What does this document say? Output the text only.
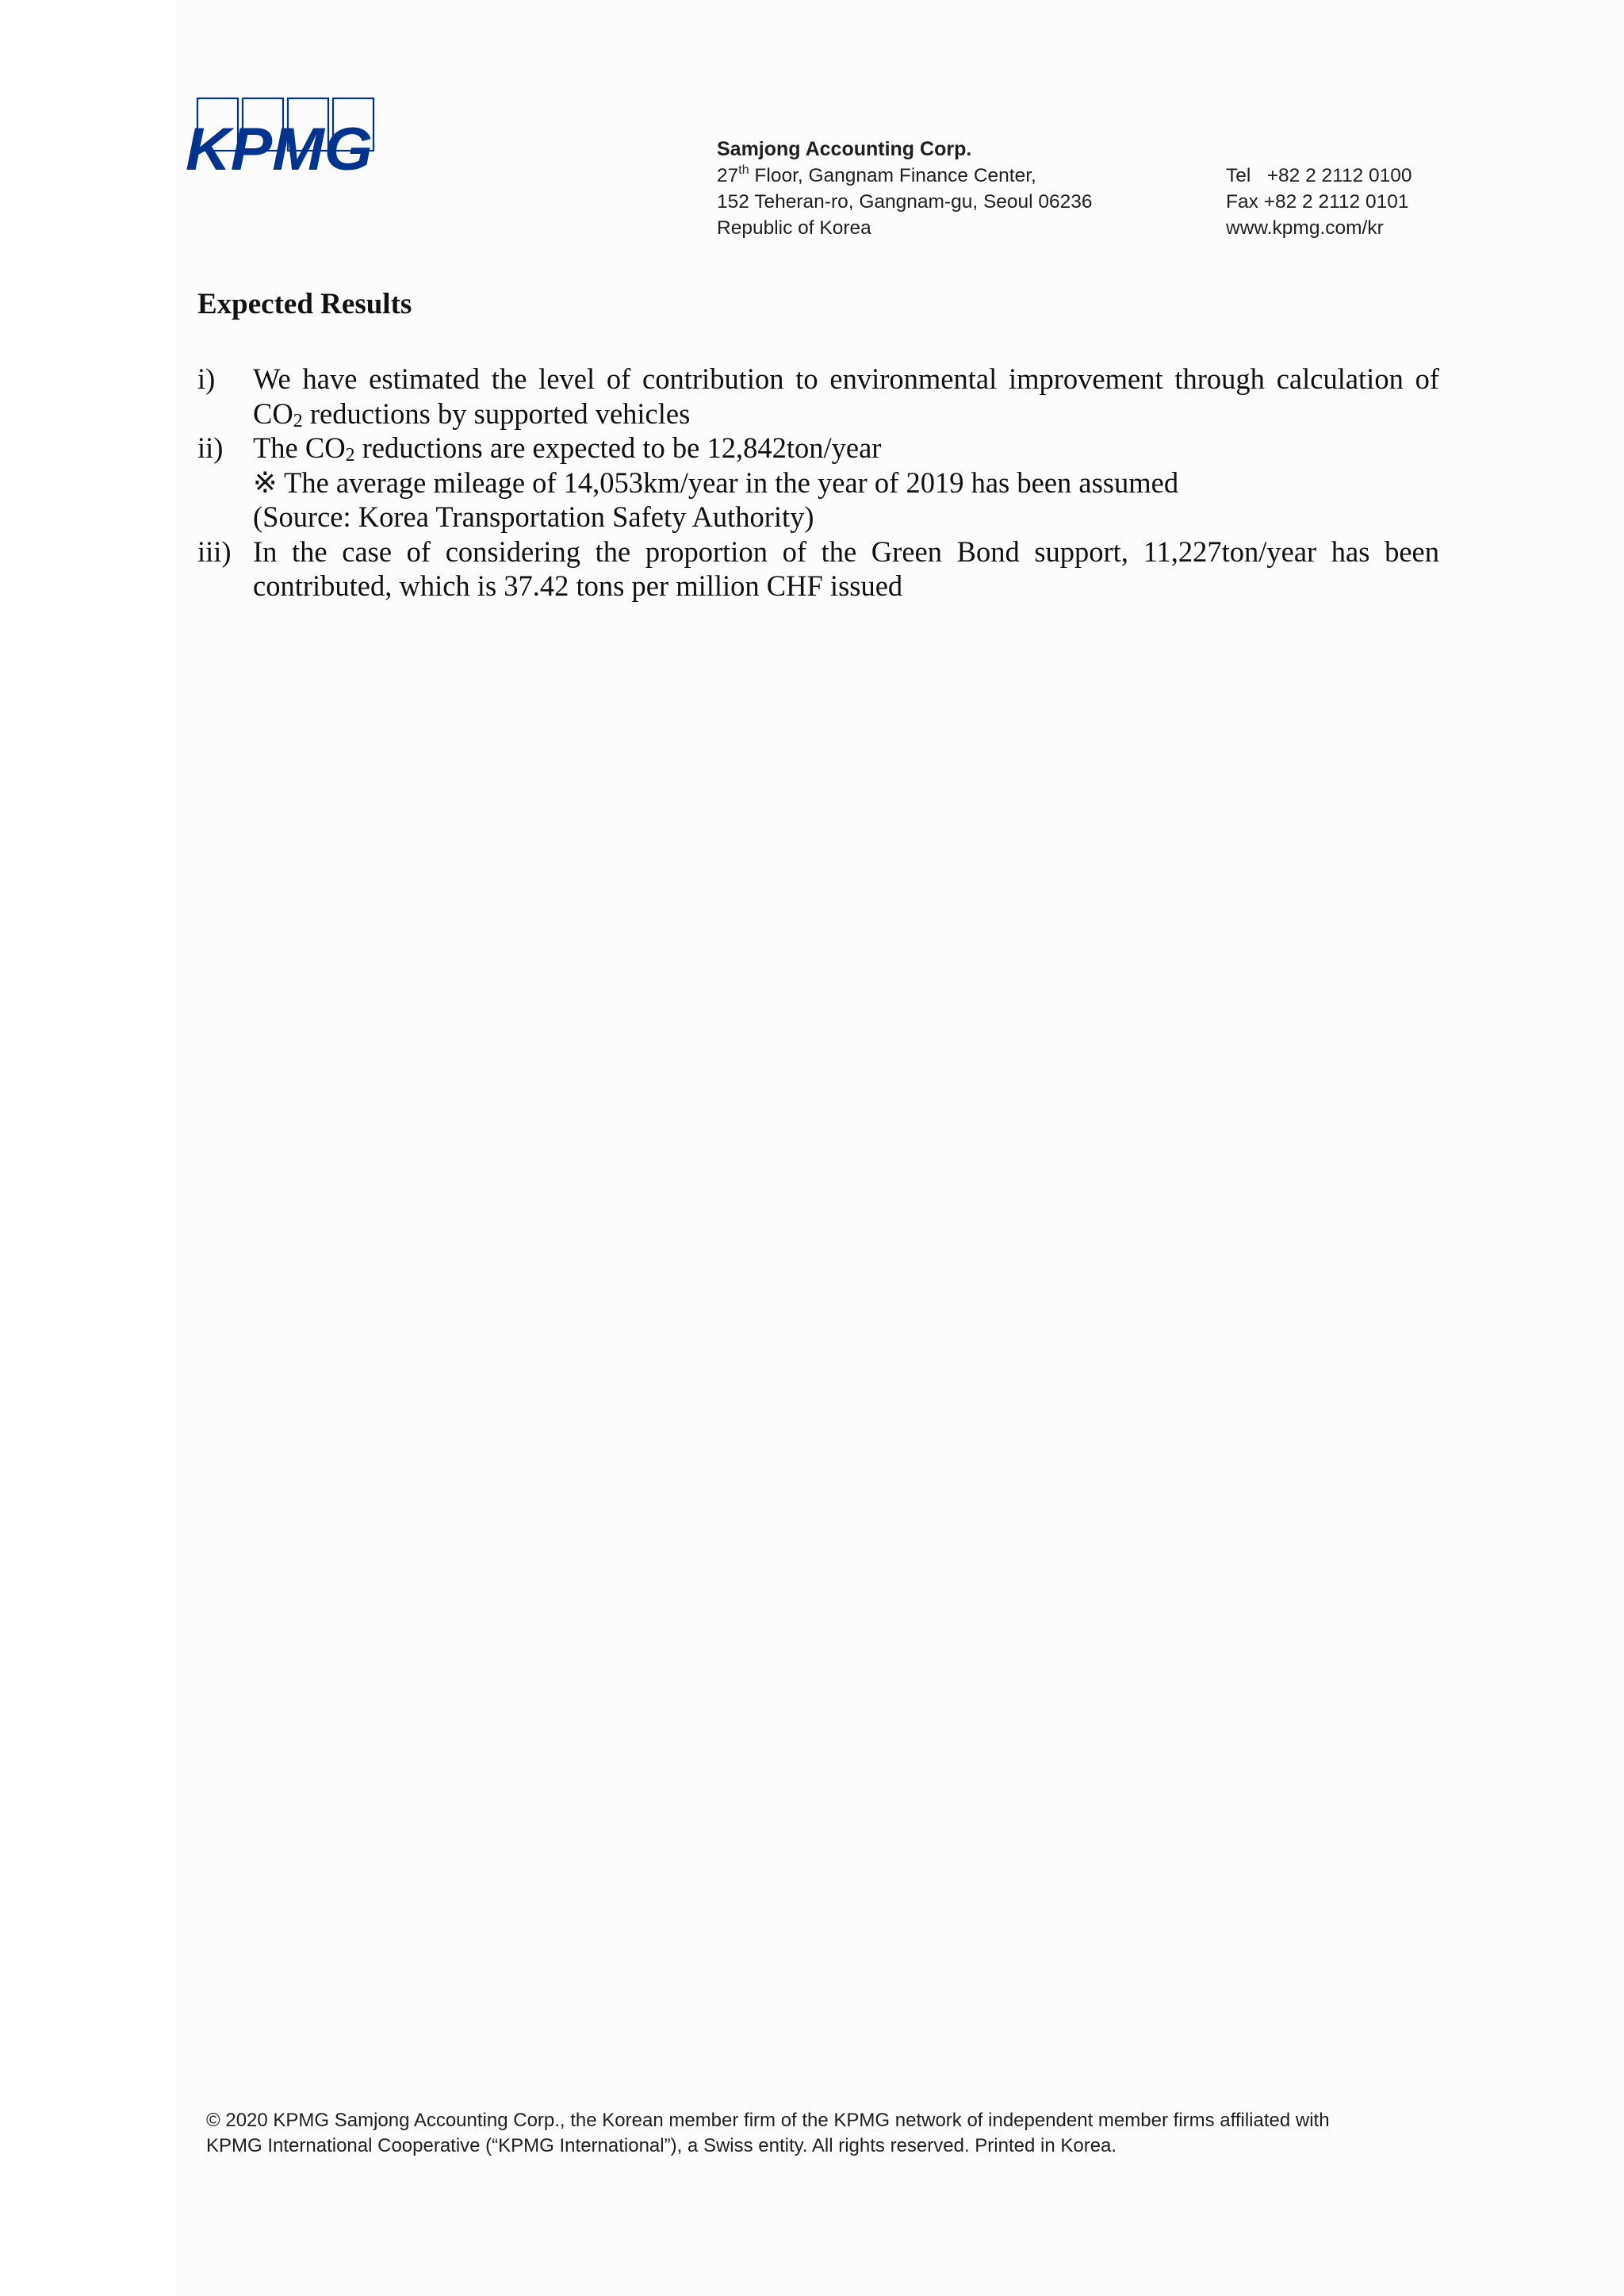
KPMG	Samjong Accounting Corp.
27th Floor, Gangnam Finance Center,
152 Teheran-ro, Gangnam-gu, Seoul 06236
Republic of Korea
Tel   +82 2 2112 0100
Fax +82 2 2112 0101
www.kpmg.com/kr
Expected Results
i) We have estimated the level of contribution to environmental improvement through calculation of
$CO_2$ reductions by supported vehicles
ii) The $CO_2$ reductions are expected to be 12,842ton/year
※ The average mileage of 14,053km/year in the year of 2019 has been assumed
(Source: Korea Transportation Safety Authority)
iii) In the case of considering the proportion of the Green Bond support, 11,227ton/year has been
contributed, which is 37.42 tons per million CHF issued
© 2020 KPMG Samjong Accounting Corp., the Korean member firm of the KPMG network of independent member firms affiliated with
KPMG International Cooperative (“KPMG International”), a Swiss entity. All rights reserved. Printed in Korea.
